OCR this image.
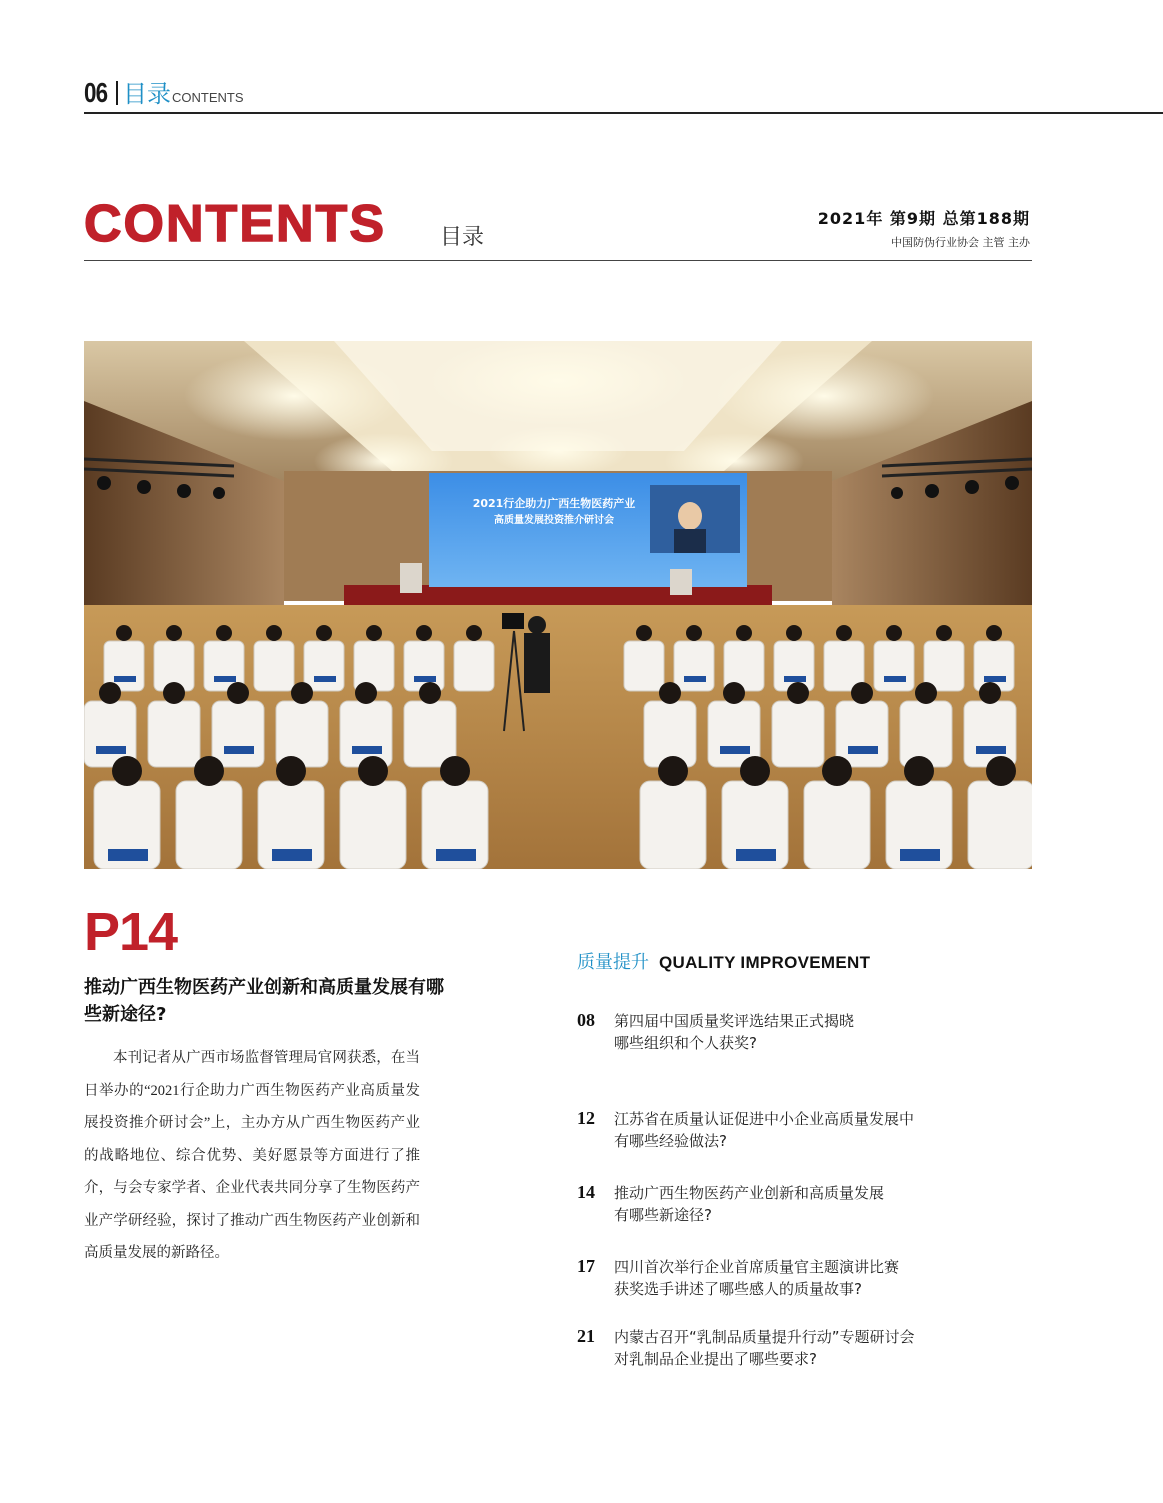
06 目录CONTENTS
CONTENTS 目录
2021年 第9期 总第188期
中国防伪行业协会 主管 主办
2021行企助力广西生物医药产业
高质量发展投资推介研讨会
P14
推动广西生物医药产业创新和高质量发展有哪些新途径?
本刊记者从广西市场监督管理局官网获悉，在当日举办的“2021行企助力广西生物医药产业高质量发展投资推介研讨会”上，主办方从广西生物医药产业的战略地位、综合优势、美好愿景等方面进行了推介，与会专家学者、企业代表共同分享了生物医药产业产学研经验，探讨了推动广西生物医药产业创新和高质量发展的新路径。
质量提升 QUALITY IMPROVEMENT
08 第四届中国质量奖评选结果正式揭晓
哪些组织和个人获奖?
12 江苏省在质量认证促进中小企业高质量发展中
有哪些经验做法?
14 推动广西生物医药产业创新和高质量发展
有哪些新途径?
17 四川首次举行企业首席质量官主题演讲比赛
获奖选手讲述了哪些感人的质量故事?
21 内蒙古召开“乳制品质量提升行动”专题研讨会
对乳制品企业提出了哪些要求?
